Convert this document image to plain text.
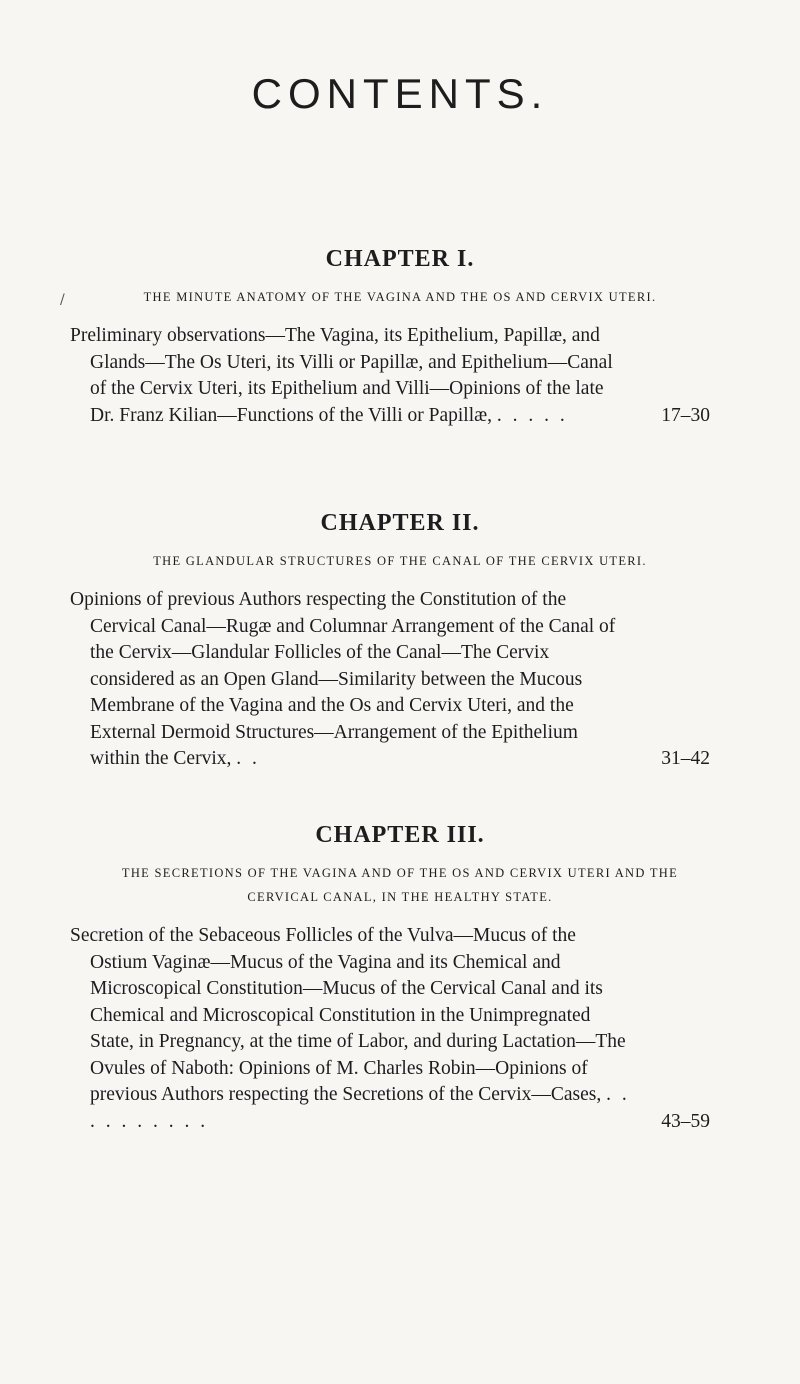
CONTENTS.
/
CHAPTER I.
THE MINUTE ANATOMY OF THE VAGINA AND THE OS AND CERVIX UTERI.
Preliminary observations—The Vagina, its Epithelium, Papillæ, and Glands—The Os Uteri, its Villi or Papillæ, and Epithelium—Canal of the Cervix Uteri, its Epithelium and Villi—Opinions of the late Dr. Franz Kilian—Functions of the Villi or Papillæ, . . . . .	17–30
CHAPTER II.
THE GLANDULAR STRUCTURES OF THE CANAL OF THE CERVIX UTERI.
Opinions of previous Authors respecting the Constitution of the Cervical Canal—Rugæ and Columnar Arrangement of the Canal of the Cervix—Glandular Follicles of the Canal—The Cervix considered as an Open Gland—Similarity between the Mucous Membrane of the Vagina and the Os and Cervix Uteri, and the External Dermoid Structures—Arrangement of the Epithelium within the Cervix, . .	31–42
CHAPTER III.
THE SECRETIONS OF THE VAGINA AND OF THE OS AND CERVIX UTERI AND THE CERVICAL CANAL, IN THE HEALTHY STATE.
Secretion of the Sebaceous Follicles of the Vulva—Mucus of the Ostium Vaginæ—Mucus of the Vagina and its Chemical and Microscopical Constitution—Mucus of the Cervical Canal and its Chemical and Microscopical Constitution in the Unimpregnated State, in Pregnancy, at the time of Labor, and during Lactation—The Ovules of Naboth: Opinions of M. Charles Robin—Opinions of previous Authors respecting the Secretions of the Cervix—Cases, . . . . . . . . . .	43–59
